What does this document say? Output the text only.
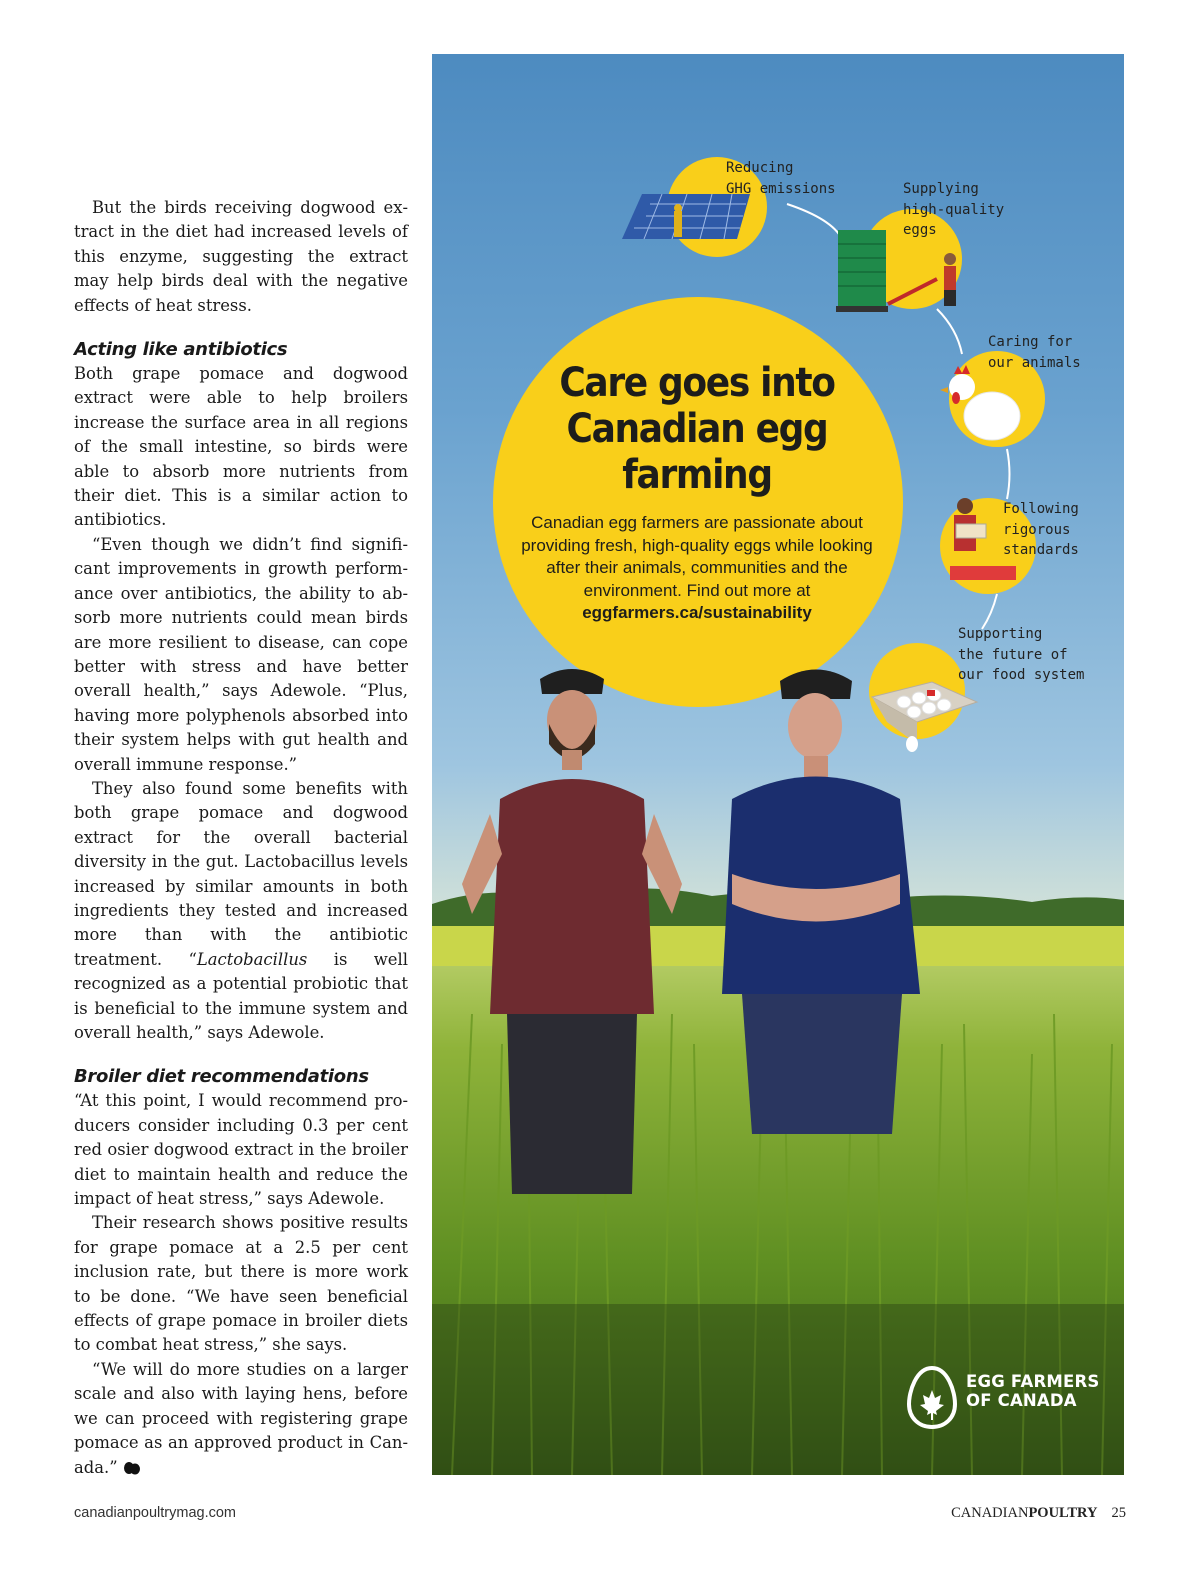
But the birds receiving dogwood extract in the diet had increased levels of this enzyme, suggesting the extract may help birds deal with the negative effects of heat stress.

Acting like antibiotics

Both grape pomace and dogwood extract were able to help broilers increase the surface area in all regions of the small intestine, so birds were able to absorb more nutrients from their diet. This is a similar action to antibiotics.

“Even though we didn’t find significant improvements in growth performance over antibiotics, the ability to absorb more nutrients could mean birds are more resilient to disease, can cope better with stress and have better overall health,” says Adewole. “Plus, having more polyphenols absorbed into their system helps with gut health and overall immune response.”

They also found some benefits with both grape pomace and dogwood extract for the overall bacterial diversity in the gut. Lactobacillus levels increased by similar amounts in both ingredients they tested and increased more than with the antibiotic treatment. “Lactobacillus is well recognized as a potential probiotic that is beneficial to the immune system and overall health,” says Adewole.

Broiler diet recommendations

“At this point, I would recommend producers consider including 0.3 per cent red osier dogwood extract in the broiler diet to maintain health and reduce the impact of heat stress,” says Adewole.

Their research shows positive results for grape pomace at a 2.5 per cent inclusion rate, but there is more work to be done. “We have seen beneficial effects of grape pomace in broiler diets to combat heat stress,” she says.

“We will do more studies on a larger scale and also with laying hens, before we can proceed with registering grape pomace as an approved product in Canada.”

Care goes into Canadian egg farming
Canadian egg farmers are passionate about providing fresh, high-quality eggs while looking after their animals, communities and the environment. Find out more at
eggfarmers.ca/sustainability
Reducing
GHG emissions	Supplying
high-quality
eggs
Caring for
our animals
Following
rigorous
standards
Supporting
the future of
our food system
EGG FARMERS
OF CANADA
canadianpoultrymag.com	CANADIANPOULTRY 25
